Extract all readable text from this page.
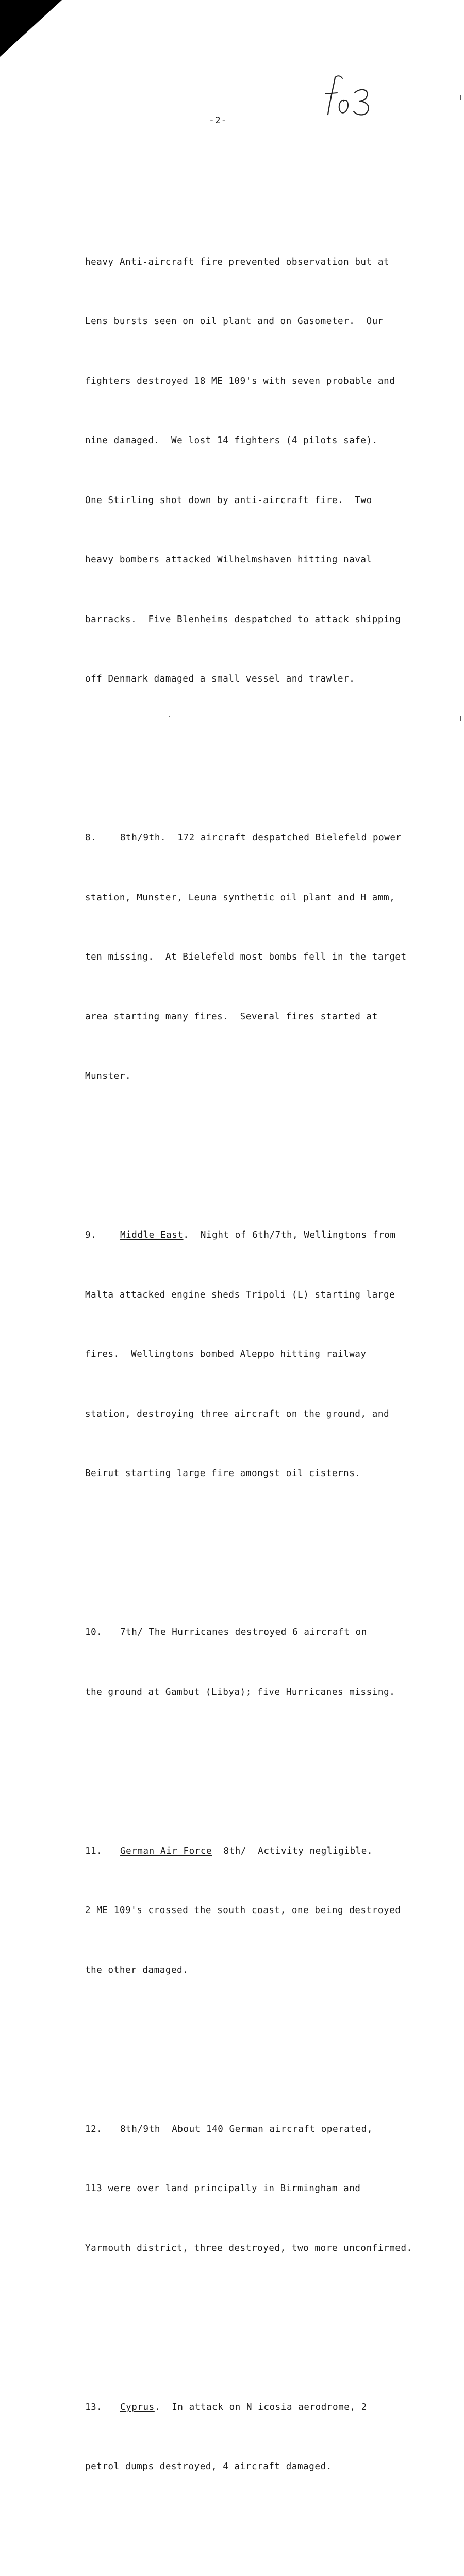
-2-

heavy Anti-aircraft fire prevented observation but at

Lens bursts seen on oil plant and on Gasometer.  Our

fighters destroyed 18 ME 109's with seven probable and

nine damaged.  We lost 14 fighters (4 pilots safe).

One Stirling shot down by anti-aircraft fire.  Two

heavy bombers attacked Wilhelmshaven hitting naval

barracks.  Five Blenheims despatched to attack shipping

off Denmark damaged a small vessel and trawler.

8.	8th/9th.  172 aircraft despatched Bielefeld power

station, Munster, Leuna synthetic oil plant and H amm,

ten missing.  At Bielefeld most bombs fell in the target

area starting many fires.  Several fires started at

Munster.

9.	Middle East.  Night of 6th/7th, Wellingtons from

Malta attacked engine sheds Tripoli (L) starting large

fires.  Wellingtons bombed Aleppo hitting railway

station, destroying three aircraft on the ground, and

Beirut starting large fire amongst oil cisterns.

10. 7th/ The Hurricanes destroyed 6 aircraft on

the ground at Gambut (Libya); five Hurricanes missing.

11. German Air Force  8th/  Activity negligible.

2 ME 109's crossed the south coast, one being destroyed

the other damaged.

12. 8th/9th  About 140 German aircraft operated,

113 were over land principally in Birmingham and

Yarmouth district, three destroyed, two more unconfirmed.

13. Cyprus.  In attack on N icosia aerodrome, 2

petrol dumps destroyed, 4 aircraft damaged.
